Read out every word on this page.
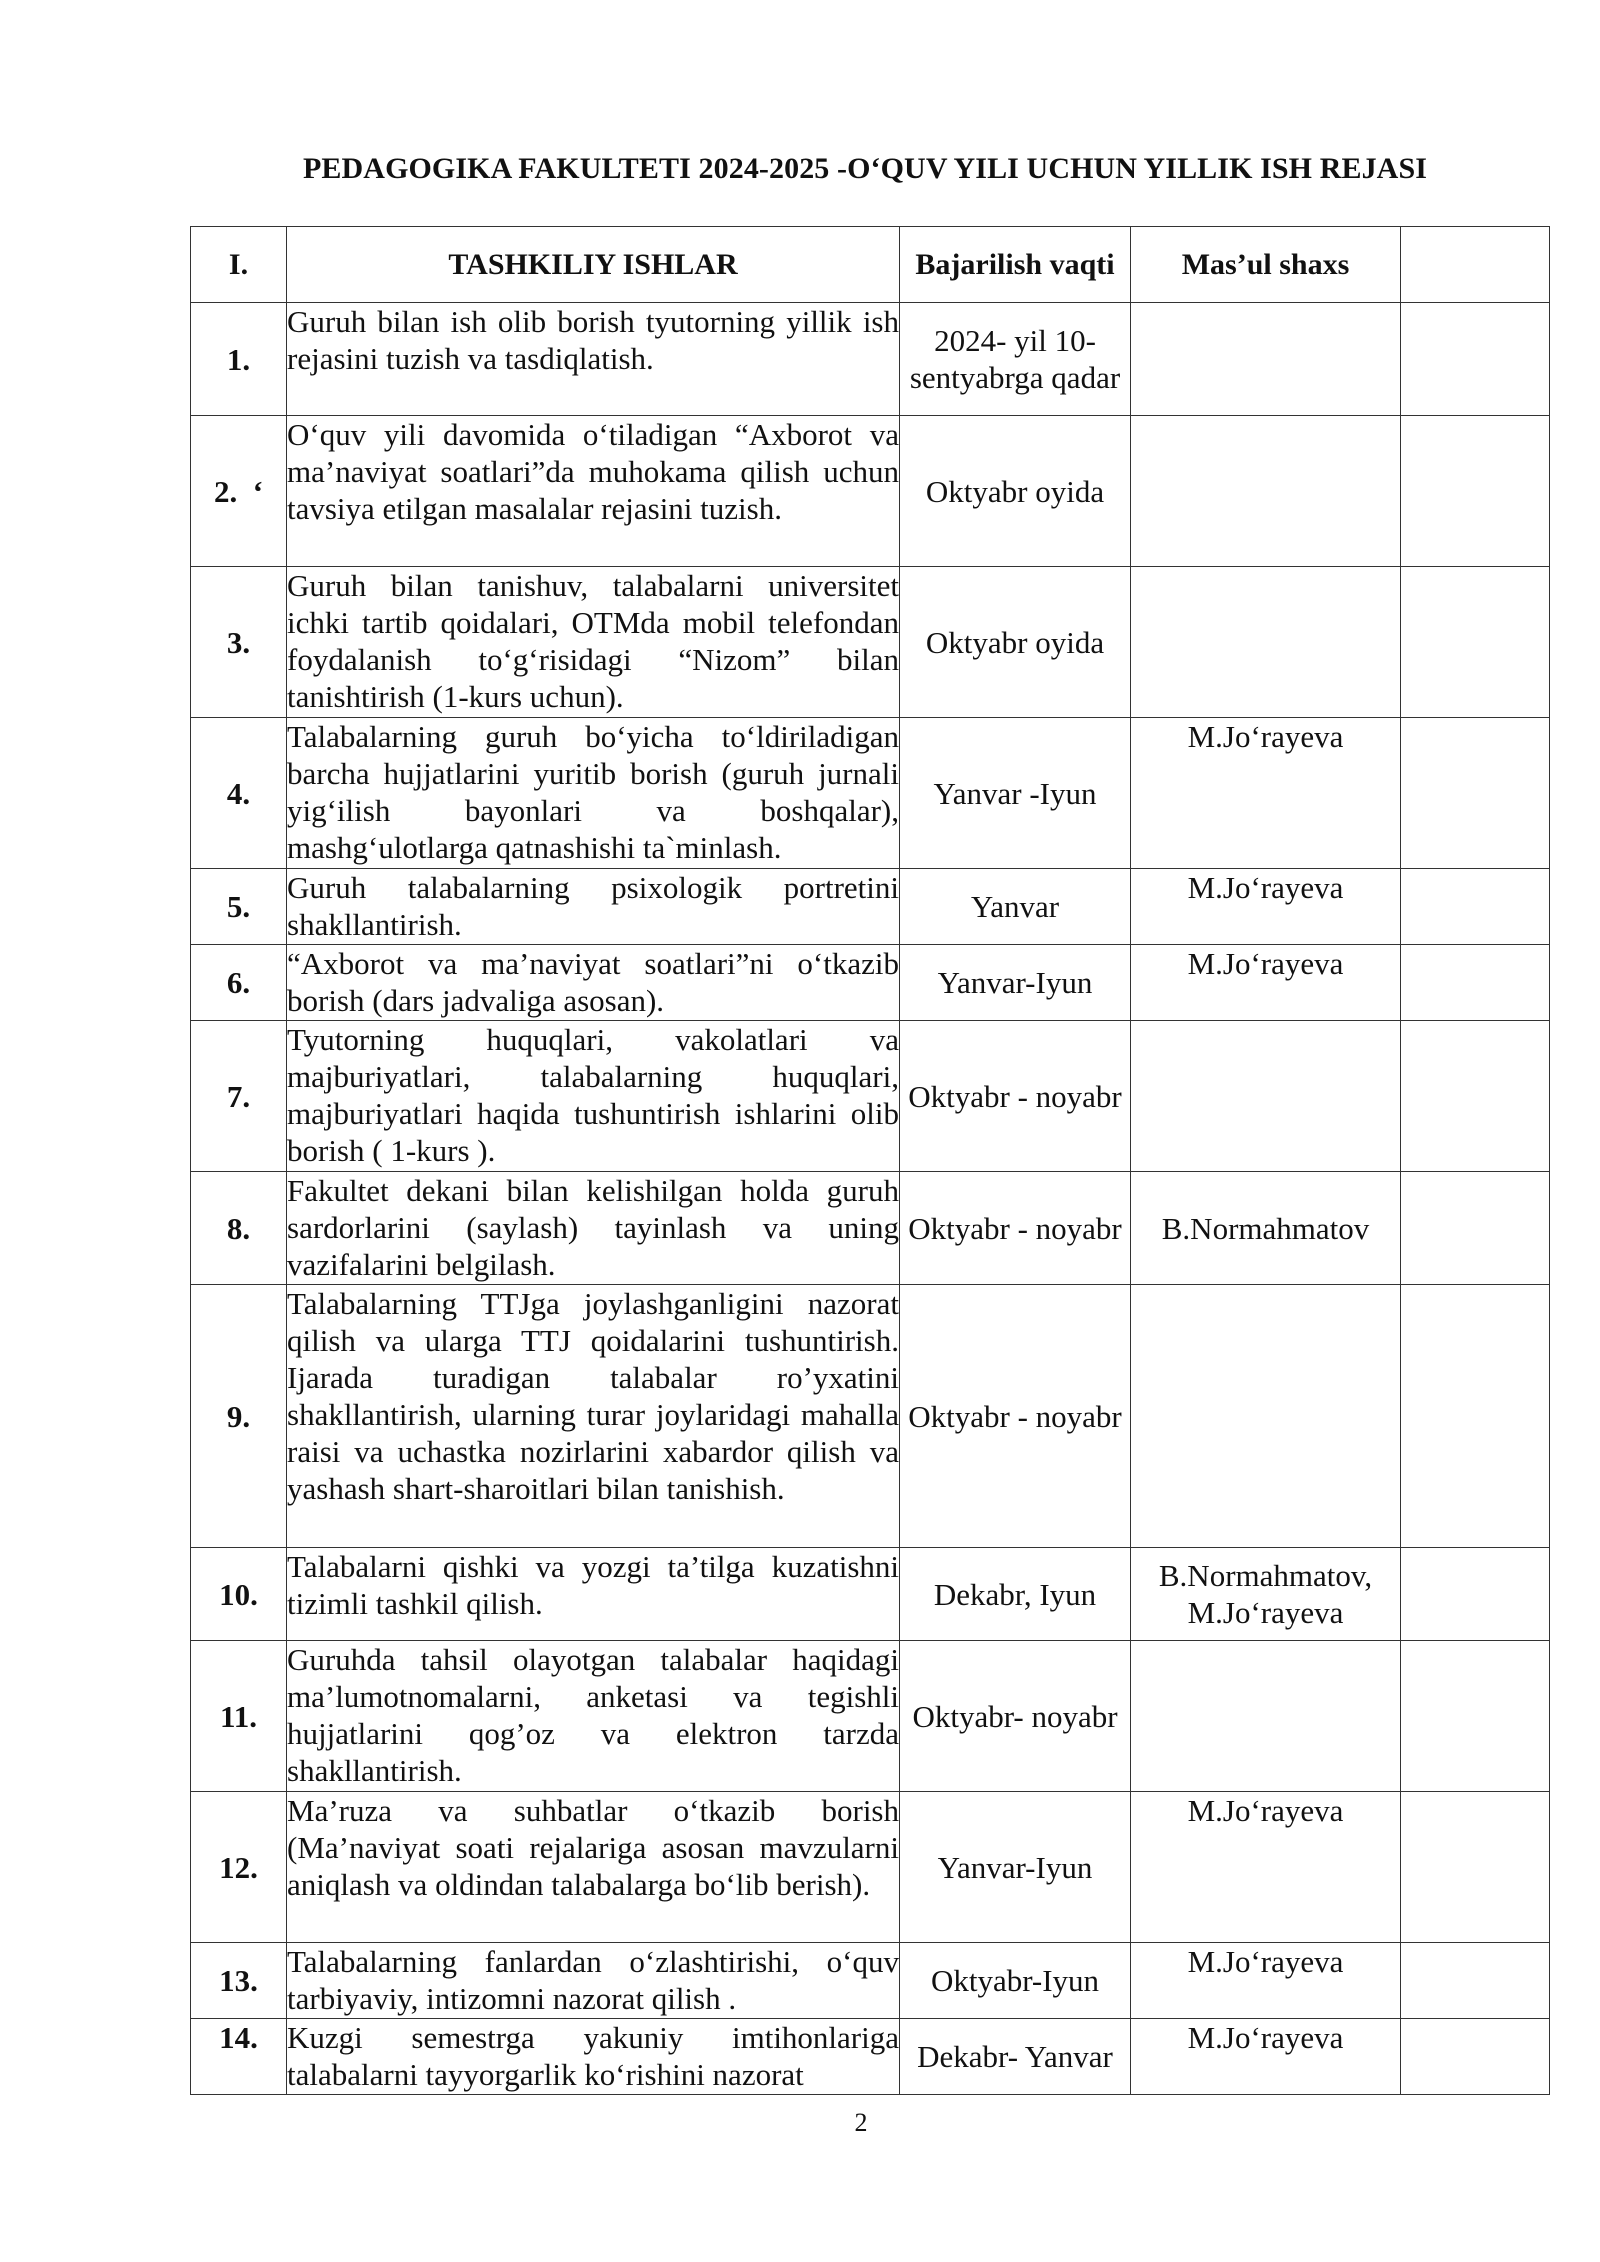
PEDAGOGIKA FAKULTETI 2024-2025 -O‘QUV YILI UCHUN YILLIK ISH REJASI
I.	TASHKILIY ISHLAR	Bajarilish vaqti	Mas’ul shaxs	
1.	Guruh bilan ish olib borish tyutorning yillik ish rejasini tuzish va tasdiqlatish.	2024- yil 10-sentyabrga qadar		
2.  ‘	O‘quv yili davomida o‘tiladigan “Axborot va ma’naviyat soatlari”da muhokama qilish uchun tavsiya etilgan masalalar rejasini tuzish.	Oktyabr oyida		
3.	Guruh bilan tanishuv, talabalarni universitet ichki tartib qoidalari, OTMda mobil telefondan foydalanish to‘g‘risidagi “Nizom” bilan tanishtirish (1-kurs uchun).	Oktyabr oyida		
4.	Talabalarning guruh bo‘yicha to‘ldiriladigan barcha hujjatlarini yuritib borish (guruh jurnali yig‘ilish bayonlari va boshqalar), mashg‘ulotlarga qatnashishi ta`minlash.	Yanvar -Iyun	M.Jo‘rayeva	
5.	Guruh talabalarning psixologik portretini shakllantirish.	Yanvar	M.Jo‘rayeva	
6.	“Axborot va ma’naviyat soatlari”ni o‘tkazib borish (dars jadvaliga asosan).	Yanvar-Iyun	M.Jo‘rayeva	
7.	Tyutorning huquqlari, vakolatlari va majburiyatlari, talabalarning huquqlari, majburiyatlari haqida tushuntirish ishlarini olib borish ( 1-kurs ).	Oktyabr - noyabr		
8.	Fakultet dekani bilan kelishilgan holda guruh sardorlarini (saylash) tayinlash va uning vazifalarini belgilash.	Oktyabr - noyabr	B.Normahmatov	
9.	Talabalarning TTJga joylashganligini nazorat qilish va ularga TTJ qoidalarini tushuntirish. Ijarada turadigan talabalar ro’yxatini shakllantirish, ularning turar joylaridagi mahalla raisi va uchastka nozirlarini xabardor qilish va yashash shart-sharoitlari bilan tanishish.	Oktyabr - noyabr		
10.	Talabalarni qishki va yozgi ta’tilga kuzatishni tizimli tashkil qilish.	Dekabr, Iyun	B.Normahmatov, M.Jo‘rayeva	
11.	Guruhda tahsil olayotgan talabalar haqidagi ma’lumotnomalarni, anketasi va tegishli hujjatlarini qog’oz va elektron tarzda shakllantirish.	Oktyabr- noyabr		
12.	Ma’ruza va suhbatlar o‘tkazib borish (Ma’naviyat soati rejalariga asosan mavzularni aniqlash va oldindan talabalarga bo‘lib berish).	Yanvar-Iyun	M.Jo‘rayeva	
13.	Talabalarning fanlardan o‘zlashtirishi, o‘quv tarbiyaviy, intizomni nazorat qilish .	Oktyabr-Iyun	M.Jo‘rayeva	
14.	Kuzgi semestrga yakuniy imtihonlariga talabalarni tayyorgarlik ko‘rishini nazorat	Dekabr- Yanvar	M.Jo‘rayeva	
2
